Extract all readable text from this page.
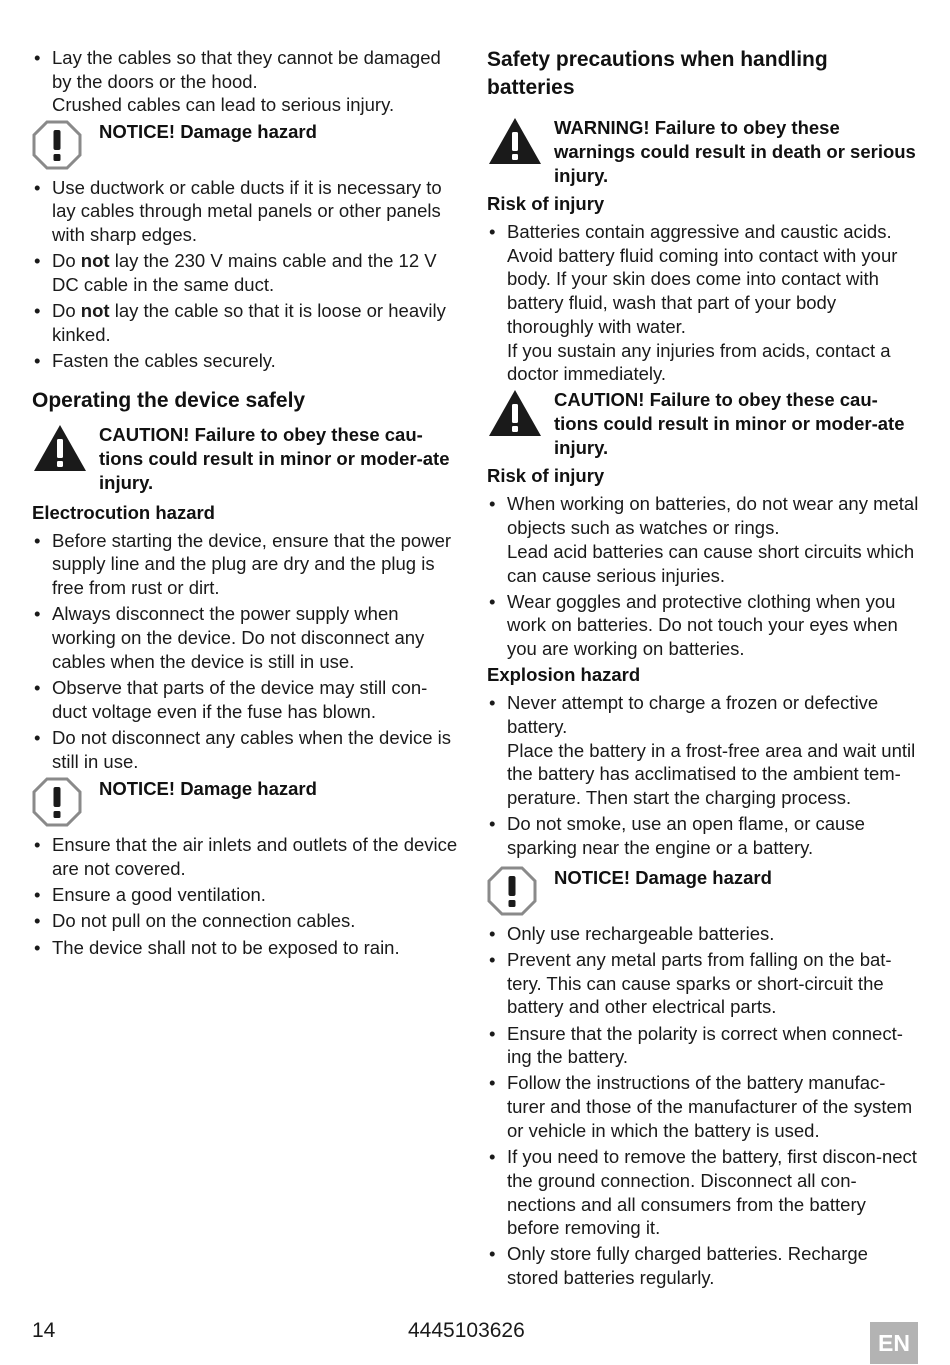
• Lay the cables so that they cannot be damaged by the doors or the hood.
Crushed cables can lead to serious injury.
NOTICE! Damage hazard
• Use ductwork or cable ducts if it is necessary to lay cables through metal panels or other panels with sharp edges.
• Do not lay the 230 V mains cable and the 12 V DC cable in the same duct.
• Do not lay the cable so that it is loose or heavily kinked.
• Fasten the cables securely.
Operating the device safely
CAUTION! Failure to obey these cau-tions could result in minor or moder-ate injury.
Electrocution hazard
• Before starting the device, ensure that the power supply line and the plug are dry and the plug is free from rust or dirt.
• Always disconnect the power supply when working on the device. Do not disconnect any cables when the device is still in use.
• Observe that parts of the device may still con-duct voltage even if the fuse has blown.
• Do not disconnect any cables when the device is still in use.
NOTICE! Damage hazard
• Ensure that the air inlets and outlets of the device are not covered.
• Ensure a good ventilation.
• Do not pull on the connection cables.
• The device shall not to be exposed to rain.
Safety precautions when handling batteries
WARNING! Failure to obey these warnings could result in death or serious injury.
Risk of injury
• Batteries contain aggressive and caustic acids. Avoid battery fluid coming into contact with your body. If your skin does come into contact with battery fluid, wash that part of your body thoroughly with water.
If you sustain any injuries from acids, contact a doctor immediately.
CAUTION! Failure to obey these cau-tions could result in minor or moder-ate injury.
Risk of injury
• When working on batteries, do not wear any metal objects such as watches or rings.
Lead acid batteries can cause short circuits which can cause serious injuries.
• Wear goggles and protective clothing when you work on batteries. Do not touch your eyes when you are working on batteries.
Explosion hazard
• Never attempt to charge a frozen or defective battery.
Place the battery in a frost-free area and wait until the battery has acclimatised to the ambient tem-perature. Then start the charging process.
• Do not smoke, use an open flame, or cause sparking near the engine or a battery.
NOTICE! Damage hazard
• Only use rechargeable batteries.
• Prevent any metal parts from falling on the bat-tery. This can cause sparks or short-circuit the battery and other electrical parts.
• Ensure that the polarity is correct when connect-ing the battery.
• Follow the instructions of the battery manufac-turer and those of the manufacturer of the system or vehicle in which the battery is used.
• If you need to remove the battery, first discon-nect the ground connection. Disconnect all con-nections and all consumers from the battery before removing it.
• Only store fully charged batteries. Recharge stored batteries regularly.
14	4445103626	EN
